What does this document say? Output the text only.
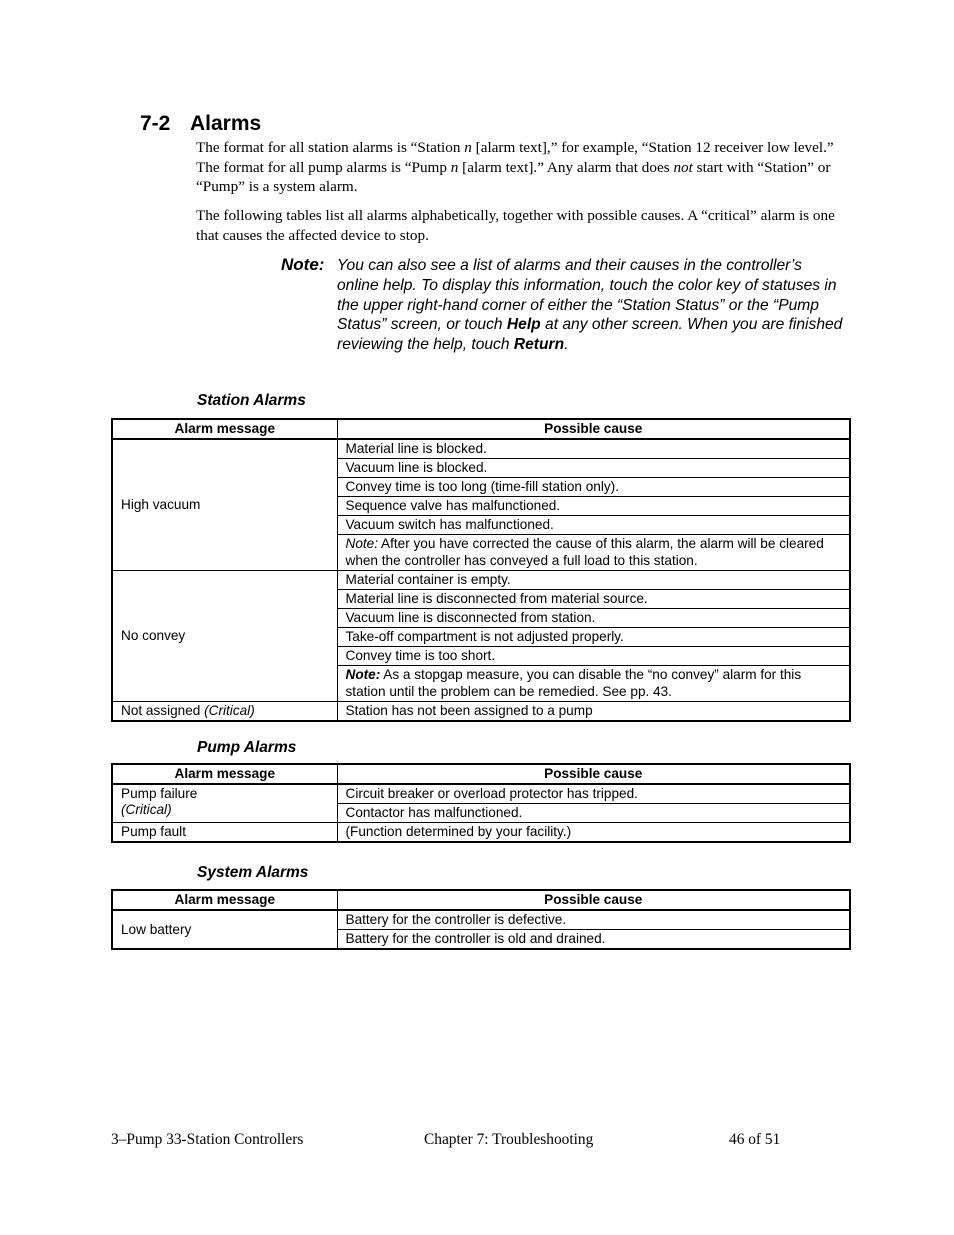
7-2 Alarms
The format for all station alarms is “Station n [alarm text],” for example, “Station 12 receiver low level.” The format for all pump alarms is “Pump n [alarm text].” Any alarm that does not start with “Station” or “Pump” is a system alarm.
The following tables list all alarms alphabetically, together with possible causes. A “critical” alarm is one that causes the affected device to stop.
Note: You can also see a list of alarms and their causes in the controller’s online help. To display this information, touch the color key of statuses in the upper right-hand corner of either the “Station Status” or the “Pump Status” screen, or touch Help at any other screen. When you are finished reviewing the help, touch Return.
Station Alarms
Alarm message	Possible cause
High vacuum	Material line is blocked.
	Vacuum line is blocked.
	Convey time is too long (time-fill station only).
	Sequence valve has malfunctioned.
	Vacuum switch has malfunctioned.
	Note: After you have corrected the cause of this alarm, the alarm will be cleared when the controller has conveyed a full load to this station.
No convey	Material container is empty.
	Material line is disconnected from material source.
	Vacuum line is disconnected from station.
	Take-off compartment is not adjusted properly.
	Convey time is too short.
	Note: As a stopgap measure, you can disable the “no convey” alarm for this station until the problem can be remedied. See pp. 43.
Not assigned (Critical)	Station has not been assigned to a pump
Pump Alarms
Alarm message	Possible cause
Pump failure
(Critical)	Circuit breaker or overload protector has tripped.
	Contactor has malfunctioned.
Pump fault	(Function determined by your facility.)
System Alarms
Alarm message	Possible cause
Low battery	Battery for the controller is defective.
	Battery for the controller is old and drained.
3–Pump 33-Station Controllers	Chapter 7: Troubleshooting	46 of 51
